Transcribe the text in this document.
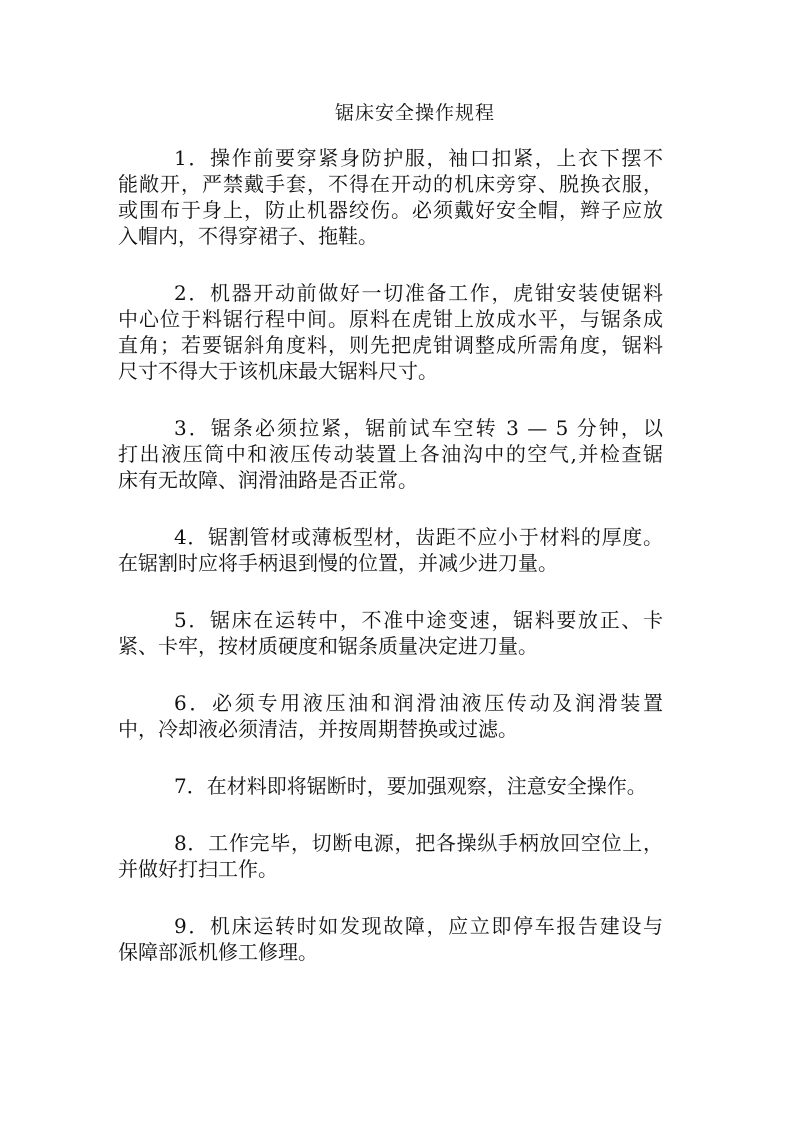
锯床安全操作规程
1．操作前要穿紧身防护服，袖口扣紧，上衣下摆不
能敞开，严禁戴手套，不得在开动的机床旁穿、脱换衣服，
或围布于身上，防止机器绞伤。必须戴好安全帽，辫子应放
入帽内，不得穿裙子、拖鞋。
2．机器开动前做好一切准备工作，虎钳安装使锯料
中心位于料锯行程中间。原料在虎钳上放成水平，与锯条成
直角；若要锯斜角度料，则先把虎钳调整成所需角度，锯料
尺寸不得大于该机床最大锯料尺寸。
3．锯条必须拉紧，锯前试车空转 3 — 5 分钟，以
打出液压筒中和液压传动装置上各油沟中的空气,并检查锯
床有无故障、润滑油路是否正常。
4．锯割管材或薄板型材，齿距不应小于材料的厚度。
在锯割时应将手柄退到慢的位置，并减少进刀量。
5．锯床在运转中，不准中途变速，锯料要放正、卡
紧、卡牢，按材质硬度和锯条质量决定进刀量。
6．必须专用液压油和润滑油液压传动及润滑装置
中，冷却液必须清洁，并按周期替换或过滤。
7．在材料即将锯断时，要加强观察，注意安全操作。
8．工作完毕，切断电源，把各操纵手柄放回空位上，
并做好打扫工作。
9．机床运转时如发现故障，应立即停车报告建设与
保障部派机修工修理。
